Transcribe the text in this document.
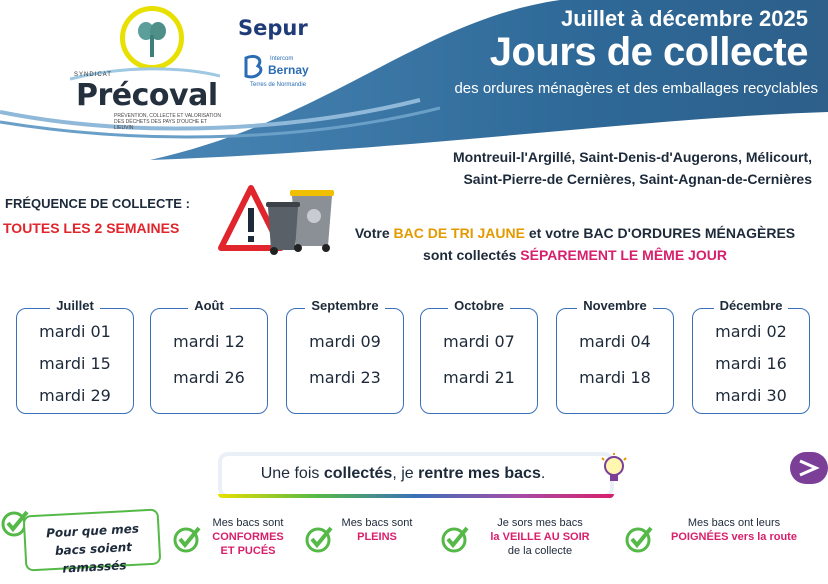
SYNDICAT
Précoval
PRÉVENTION, COLLECTE ET VALORISATION DES DÉCHETS DES PAYS D'OUCHE ET LIEUVIN
Sepur
Intercom
Bernay
Terres de Normandie
Juillet à décembre 2025
Jours de collecte
des ordures ménagères et des emballages recyclables
Montreuil-l'Argillé, Saint-Denis-d'Augerons, Mélicourt,
Saint-Pierre-de Cernières, Saint-Agnan-de-Cernières
FRÉQUENCE DE COLLECTE :
TOUTES LES 2 SEMAINES	Votre BAC DE TRI JAUNE et votre BAC D'ORDURES MÉNAGÈRES
sont collectés SÉPAREMENT LE MÊME JOUR
Juillet
mardi 01
mardi 15
mardi 29
Août
mardi 12
mardi 26
Septembre
mardi 09
mardi 23
Octobre
mardi 07
mardi 21
Novembre
mardi 04
mardi 18
Décembre
mardi 02
mardi 16
mardi 30
Une fois collectés, je rentre mes bacs.
Pour que mes
bacs soient ramassés
Mes bacs sont
CONFORMES
ET PUCÉS
Mes bacs sont
PLEINS
Je sors mes bacs
la VEILLE AU SOIR
de la collecte
Mes bacs ont leurs
POIGNÉES vers la route
